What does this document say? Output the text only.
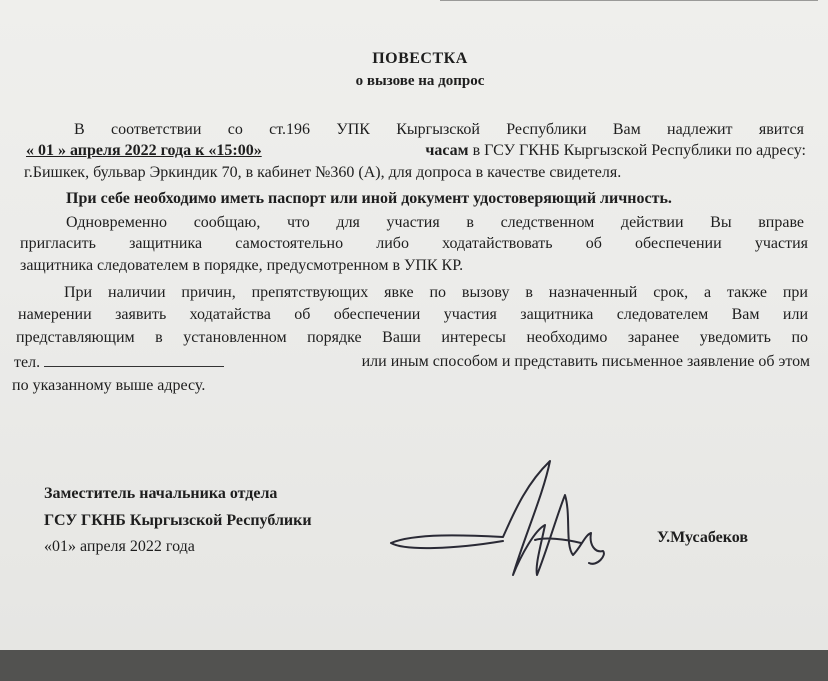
ПОВЕСТКА
о вызове на допрос
В соответствии со ст.196 УПК Кыргызской Республики Вам надлежит явится
« 01 » апреля 2022 года к «15:00»	часам в ГСУ ГКНБ Кыргызской Республики по адресу:
г.Бишкек, бульвар Эркиндик 70, в кабинет №360 (А), для допроса в качестве свидетеля.
При себе необходимо иметь паспорт или иной документ удостоверяющий личность.
Одновременно сообщаю, что для участия в следственном действии Вы вправе
пригласить защитника самостоятельно либо ходатайствовать об обеспечении участия
защитника следователем в порядке, предусмотренном в УПК КР.
При наличии причин, препятствующих явке по вызову в назначенный срок, а также при
намерении заявить ходатайства об обеспечении участия защитника следователем Вам или
представляющим в установленном порядке Ваши интересы необходимо заранее уведомить по
тел.	или иным способом и представить письменное заявление об этом
по указанному выше адресу.
Заместитель начальника отдела
ГСУ ГКНБ Кыргызской Республики
«01» апреля 2022 года
У.Мусабеков
